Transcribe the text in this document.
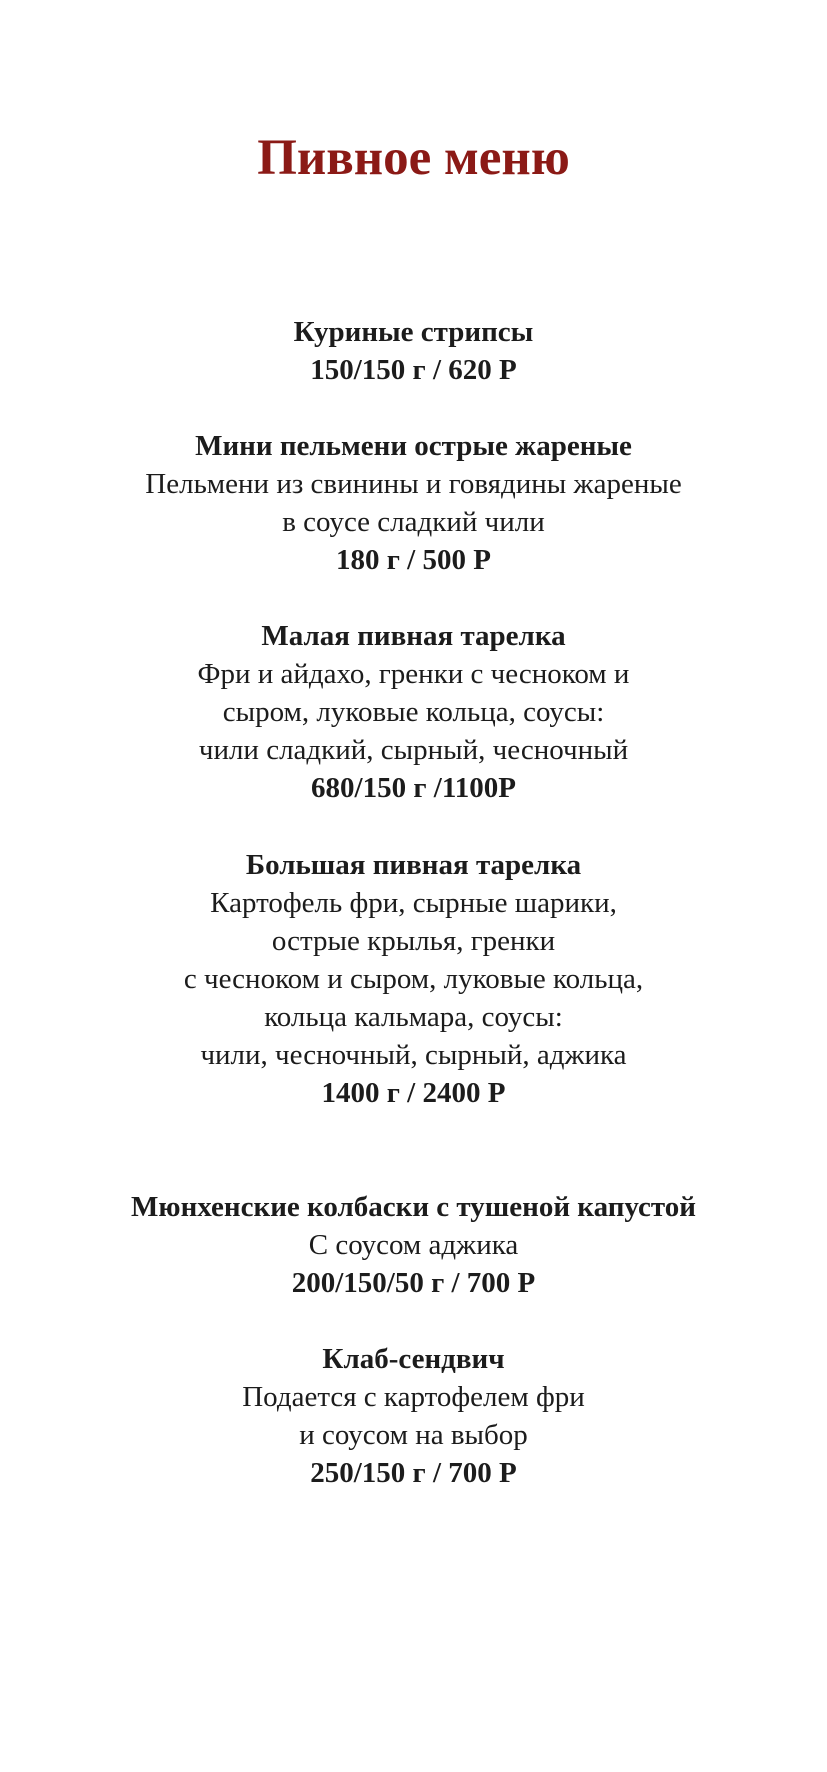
Пивное меню
Куриные стрипсы
150/150 г / 620 Р
Мини пельмени острые жареные
Пельмени из свинины и говядины жареные
в соусе сладкий чили
180 г / 500 Р
Малая пивная тарелка
Фри и айдахо, гренки с чесноком и
сыром, луковые кольца, соусы:
чили сладкий, сырный, чесночный
680/150 г /1100Р
Большая пивная тарелка
Картофель фри, сырные шарики,
острые крылья, гренки
с чесноком и сыром, луковые кольца,
кольца кальмара, соусы:
чили, чесночный, сырный, аджика
1400 г / 2400 Р
Мюнхенские колбаски с тушеной капустой
С соусом аджика
200/150/50 г / 700 Р
Клаб-сендвич
Подается с картофелем фри
и соусом на выбор
250/150 г / 700 Р
